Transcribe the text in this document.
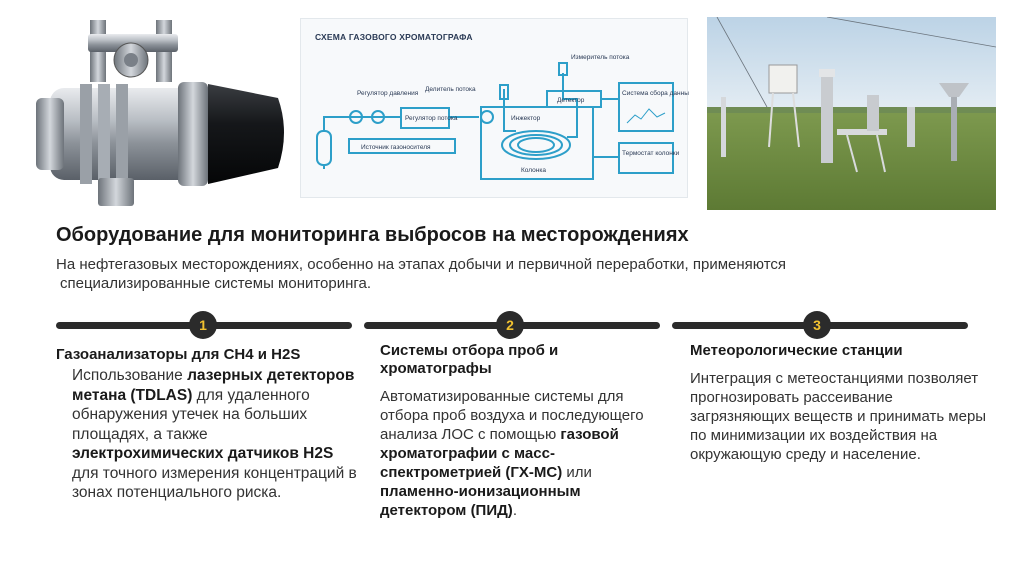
СХЕМА ГАЗОВОГО ХРОМАТОГРАФА
Регулятор давления
Делитель потока
Регулятор потока	Инжектор
Детектор
Измеритель потока
Система сбора данных
Источник газоносителя
Колонка
Термостат колонки
Оборудование для мониторинга выбросов на месторождениях
На нефтегазовых месторождениях, особенно на этапах добычи и первичной переработки, применяются
специализированные системы мониторинга.
1	2	3
Газоанализаторы для CH4 и H2S
Использование лазерных детекторов метана (TDLAS) для удаленного обнаружения утечек на больших площадях, а также электрохимических датчиков H2S для точного измерения концентраций в зонах потенциального риска.
Системы отбора проб и хроматографы
Автоматизированные системы для отбора проб воздуха и последующего анализа ЛОС с помощью газовой хроматографии с масс-спектрометрией (ГХ-МС) или пламенно-ионизационным детектором (ПИД).
Метеорологические станции
Интеграция с метеостанциями позволяет прогнозировать рассеивание загрязняющих веществ и принимать меры по минимизации их воздействия на окружающую среду и население.
